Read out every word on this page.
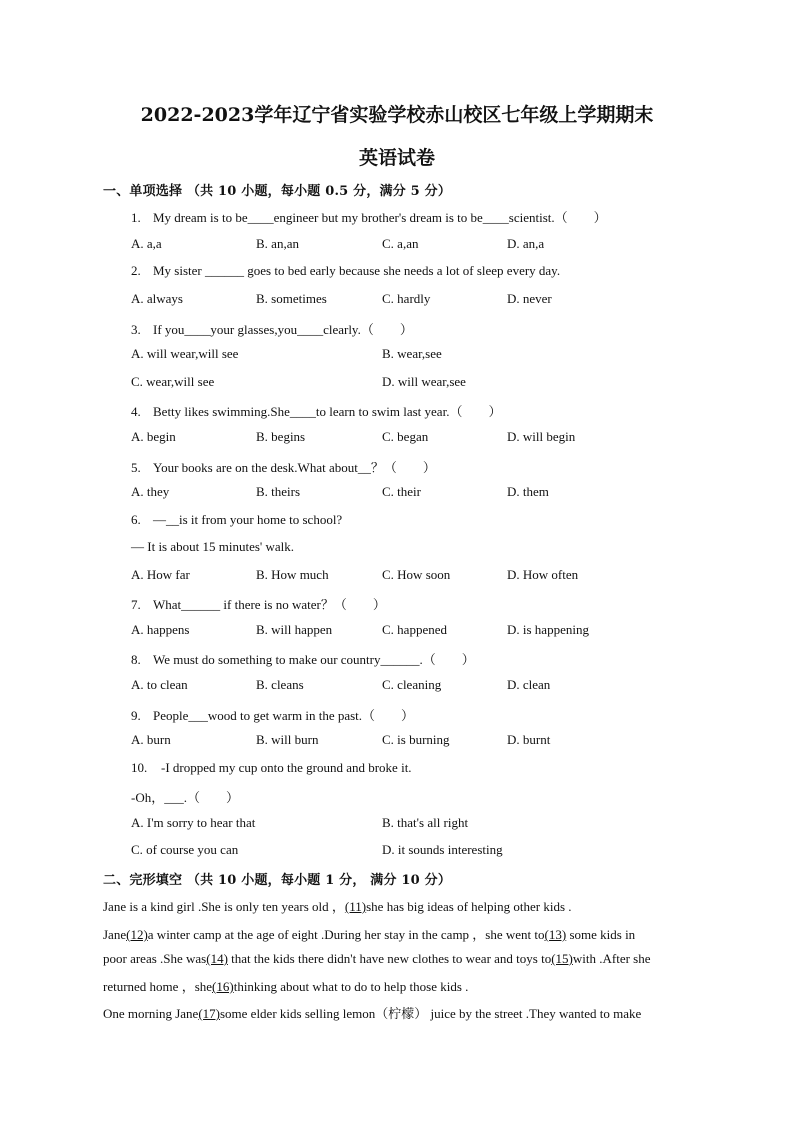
2022-2023学年辽宁省实验学校赤山校区七年级上学期期末
英语试卷
一、单项选择 （共 10 小题，每小题 0.5 分，满分 5 分）
1. My dream is to be____engineer but my brother's dream is to be____scientist.（　　）
A. a,a	B. an,an	C. a,an	D. an,a
2. My sister ______ goes to bed early because she needs a lot of sleep every day.
A. always	B. sometimes	C. hardly	D. never
3. If you____your glasses,you____clearly.（　　）
A. will wear,will see	B. wear,see
C. wear,will see	D. will wear,see
4. Betty likes swimming.She____to learn to swim last year.（　　）
A. begin	B. begins	C. began	D. will begin
5. Your books are on the desk.What about__？（　　）
A. they	B. theirs	C. their	D. them
6. —__is it from your home to school?
— It is about 15 minutes' walk.
A. How far	B. How much	C. How soon	D. How often
7. What______ if there is no water？（　　）
A. happens	B. will happen	C. happened	D. is happening
8. We must do something to make our country______.（　　）
A. to clean	B. cleans	C. cleaning	D. clean
9. People___wood to get warm in the past.（　　）
A. burn	B. will burn	C. is burning	D. burnt
10. -I dropped my cup onto the ground and broke it.
-Oh，___.（　　）
A. I'm sorry to hear that	B. that's all right
C. of course you can	D. it sounds interesting
二、完形填空 （共 10 小题，每小题 1 分， 满分 10 分）
Jane is a kind girl .She is only ten years old ，(11)she has big ideas of helping other kids .
Jane(12)a winter camp at the age of eight .During her stay in the camp ，she went to(13) some kids in
poor areas .She was(14) that the kids there didn't have new clothes to wear and toys to(15)with .After she
returned home ，she(16)thinking about what to do to help those kids .
One morning Jane(17)some elder kids selling lemon（柠檬） juice by the street .They wanted to make
